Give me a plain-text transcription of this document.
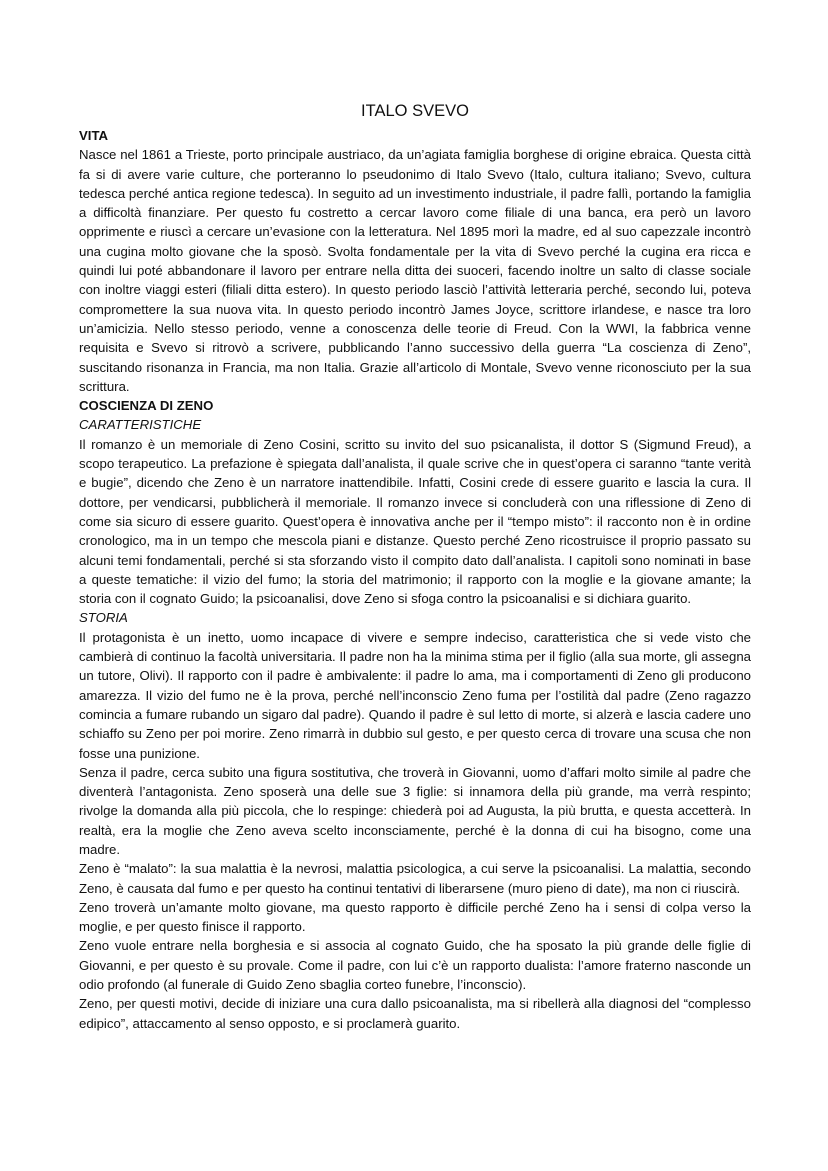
ITALO SVEVO
VITA

Nasce nel 1861 a Trieste, porto principale austriaco, da un’agiata famiglia borghese di origine ebraica. Questa città fa si di avere varie culture, che porteranno lo pseudonimo di Italo Svevo (Italo, cultura italiano; Svevo, cultura tedesca perché antica regione tedesca). In seguito ad un investimento industriale, il padre fallì, portando la famiglia a difficoltà finanziare. Per questo fu costretto a cercar lavoro come filiale di una banca, era però un lavoro opprimente e riuscì a cercare un’evasione con la letteratura. Nel 1895 morì la madre, ed al suo capezzale incontrò una cugina molto giovane che la sposò. Svolta fondamentale per la vita di Svevo perché la cugina era ricca e quindi lui poté abbandonare il lavoro per entrare nella ditta dei suoceri, facendo inoltre un salto di classe sociale con inoltre viaggi esteri (filiali ditta estero). In questo periodo lasciò l’attività letteraria perché, secondo lui, poteva compromettere la sua nuova vita. In questo periodo incontrò James Joyce, scrittore irlandese, e nasce tra loro un’amicizia. Nello stesso periodo, venne a conoscenza delle teorie di Freud. Con la WWI, la fabbrica venne requisita e Svevo si ritrovò a scrivere, pubblicando l’anno successivo della guerra “La coscienza di Zeno”, suscitando risonanza in Francia, ma non Italia. Grazie all’articolo di Montale, Svevo venne riconosciuto per la sua scrittura.

COSCIENZA DI ZENO
CARATTERISTICHE

Il romanzo è un memoriale di Zeno Cosini, scritto su invito del suo psicanalista, il dottor S (Sigmund Freud), a scopo terapeutico. La prefazione è spiegata dall’analista, il quale scrive che in quest’opera ci saranno “tante verità e bugie”, dicendo che Zeno è un narratore inattendibile. Infatti, Cosini crede di essere guarito e lascia la cura. Il dottore, per vendicarsi, pubblicherà il memoriale. Il romanzo invece si concluderà con una riflessione di Zeno di come sia sicuro di essere guarito. Quest’opera è innovativa anche per il “tempo misto”: il racconto non è in ordine cronologico, ma in un tempo che mescola piani e distanze. Questo perché Zeno ricostruisce il proprio passato su alcuni temi fondamentali, perché si sta sforzando visto il compito dato dall’analista. I capitoli sono nominati in base a queste tematiche: il vizio del fumo; la storia del matrimonio; il rapporto con la moglie e la giovane amante; la storia con il cognato Guido; la psicoanalisi, dove Zeno si sfoga contro la psicoanalisi e si dichiara guarito.

STORIA

Il protagonista è un inetto, uomo incapace di vivere e sempre indeciso, caratteristica che si vede visto che cambierà di continuo la facoltà universitaria. Il padre non ha la minima stima per il figlio (alla sua morte, gli assegna un tutore, Olivi). Il rapporto con il padre è ambivalente: il padre lo ama, ma i comportamenti di Zeno gli producono amarezza. Il vizio del fumo ne è la prova, perché nell’inconscio Zeno fuma per l’ostilità dal padre (Zeno ragazzo comincia a fumare rubando un sigaro dal padre). Quando il padre è sul letto di morte, si alzerà e lascia cadere uno schiaffo su Zeno per poi morire. Zeno rimarrà in dubbio sul gesto, e per questo cerca di trovare una scusa che non fosse una punizione.

Senza il padre, cerca subito una figura sostitutiva, che troverà in Giovanni, uomo d’affari molto simile al padre che diventerà l’antagonista. Zeno sposerà una delle sue 3 figlie: si innamora della più grande, ma verrà respinto; rivolge la domanda alla più piccola, che lo respinge: chiederà poi ad Augusta, la più brutta, e questa accetterà. In realtà, era la moglie che Zeno aveva scelto inconsciamente, perché è la donna di cui ha bisogno, come una madre.

Zeno è “malato”: la sua malattia è la nevrosi, malattia psicologica, a cui serve la psicoanalisi. La malattia, secondo Zeno, è causata dal fumo e per questo ha continui tentativi di liberarsene (muro pieno di date), ma non ci riuscirà.

Zeno troverà un’amante molto giovane, ma questo rapporto è difficile perché Zeno ha i sensi di colpa verso la moglie, e per questo finisce il rapporto.

Zeno vuole entrare nella borghesia e si associa al cognato Guido, che ha sposato la più grande delle figlie di Giovanni, e per questo è su provale. Come il padre, con lui c’è un rapporto dualista: l’amore fraterno nasconde un odio profondo (al funerale di Guido Zeno sbaglia corteo funebre, l’inconscio).

Zeno, per questi motivi, decide di iniziare una cura dallo psicoanalista, ma si ribellerà alla diagnosi del “complesso edipico”, attaccamento al senso opposto, e si proclamerà guarito.
